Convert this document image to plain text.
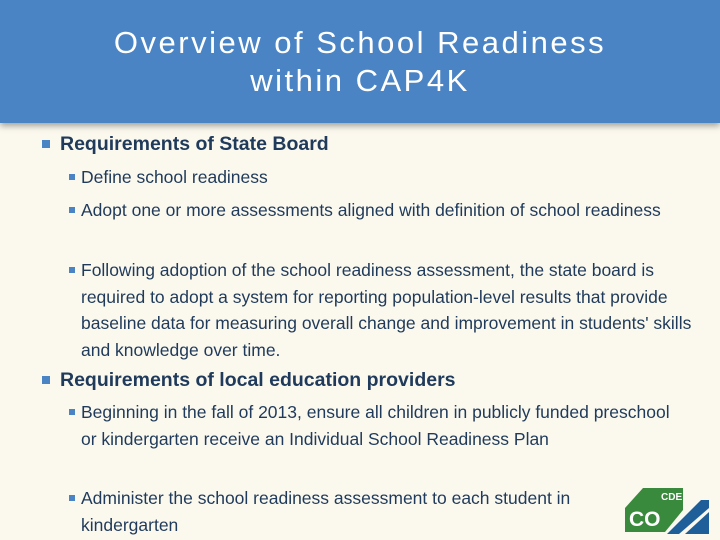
Overview of School Readiness
within CAP4K
Requirements of State Board
Define school readiness
Adopt one or more assessments aligned with definition of school readiness
Following adoption of the school readiness assessment, the state board is required to adopt a system for reporting population-level results that provide baseline data for measuring overall change and improvement in students' skills and knowledge over time.
Requirements of local education providers
Beginning in the fall of 2013, ensure all children in publicly funded preschool or kindergarten receive an Individual School Readiness Plan
Administer the school readiness assessment to each student in kindergarten
CDE
CO
